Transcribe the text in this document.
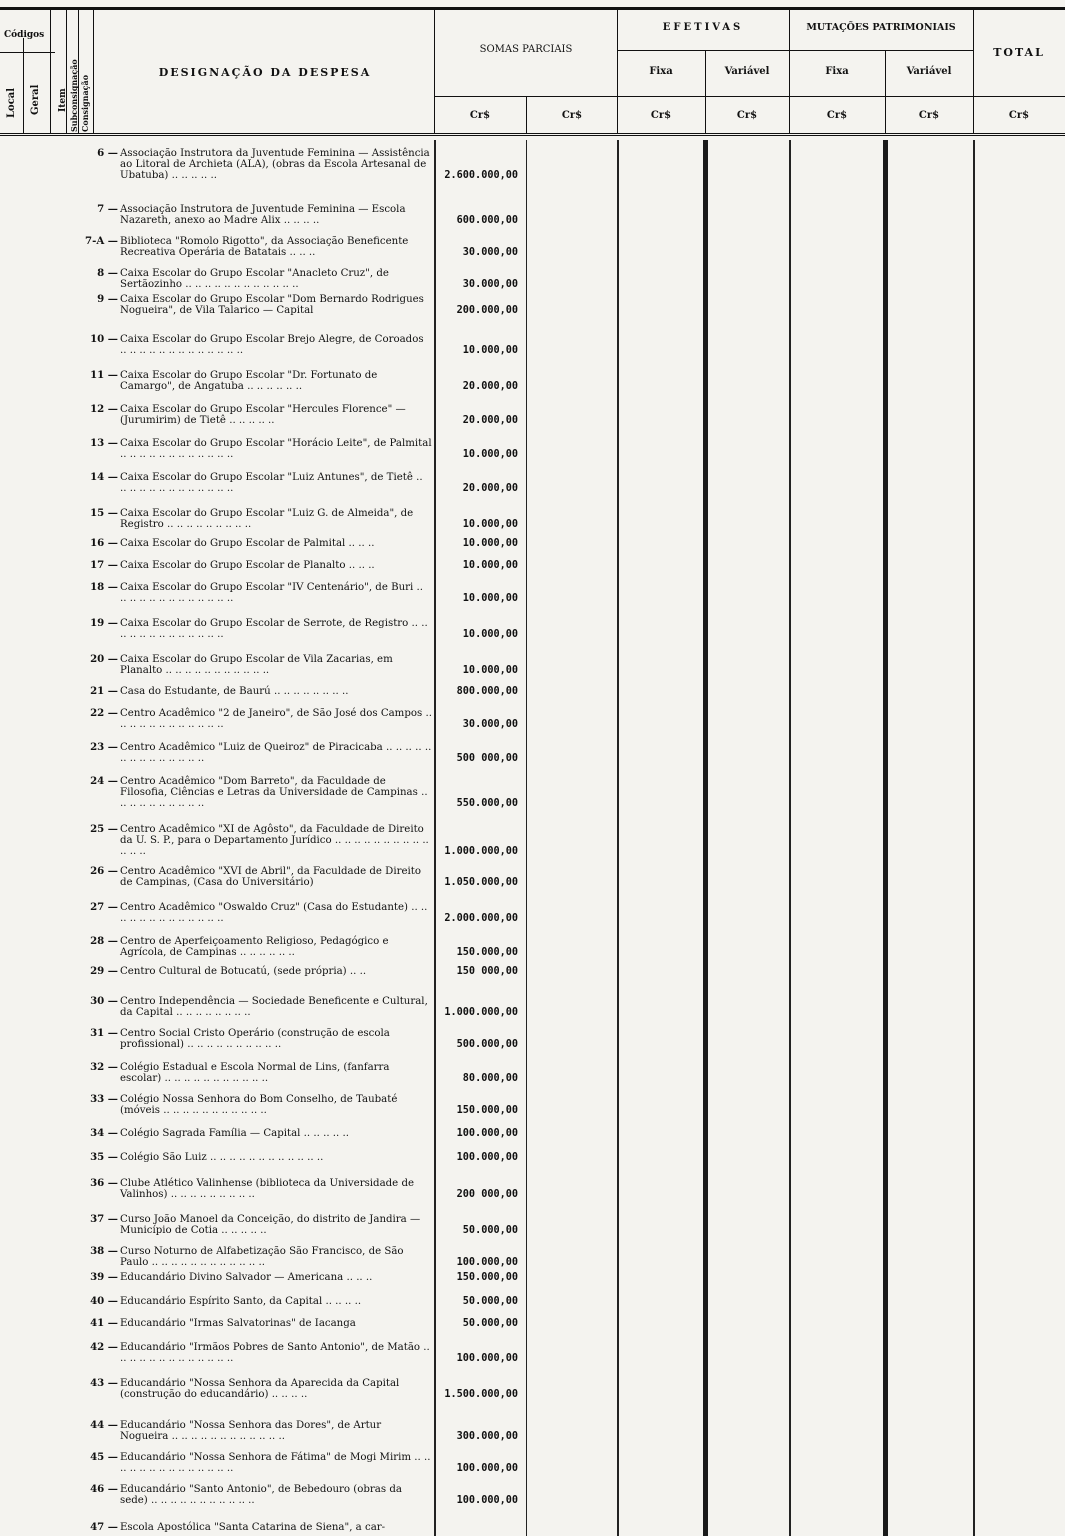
Códigos
Local Geral Item Subconsignação Consignação
DESIGNAÇÃO DA DESPESA
SOMAS PARCIAIS
EFETIVAS
Fixa	Variável
MUTAÇÕES PATRIMONIAIS
Fixa	Variável
TOTAL
Cr$	Cr$	Cr$	Cr$	Cr$	Cr$	Cr$
6 — Associação Instrutora da Juventude Feminina — Assistência ao Litoral de Archieta (ALA), (obras da Escola Artesanal de Ubatuba) .. .. .. .. ..	2.600.000,00
7 — Associação Instrutora de Juventude Feminina — Escola Nazareth, anexo ao Madre Alix .. .. .. ..	600.000,00
7-A — Biblioteca "Romolo Rigotto", da Associação Beneficente Recreativa Operária de Batatais .. .. ..	30.000,00
8 — Caixa Escolar do Grupo Escolar "Anacleto Cruz", de Sertãozinho .. .. .. .. .. .. .. .. .. .. .. ..	30.000,00
9 — Caixa Escolar do Grupo Escolar "Dom Bernardo Rodrigues Nogueira", de Vila Talarico — Capital	200.000,00
10 — Caixa Escolar do Grupo Escolar Brejo Alegre, de Coroados .. .. .. .. .. .. .. .. .. .. .. .. ..	10.000,00
11 — Caixa Escolar do Grupo Escolar "Dr. Fortunato de Camargo", de Angatuba .. .. .. .. .. ..	20.000,00
12 — Caixa Escolar do Grupo Escolar "Hercules Florence" — (Jurumirim) de Tietê .. .. .. .. ..	20.000,00
13 — Caixa Escolar do Grupo Escolar "Horácio Leite", de Palmital .. .. .. .. .. .. .. .. .. .. .. ..	10.000,00
14 — Caixa Escolar do Grupo Escolar "Luiz Antunes", de Tietê .. .. .. .. .. .. .. .. .. .. .. .. ..	20.000,00
15 — Caixa Escolar do Grupo Escolar "Luiz G. de Almeida", de Registro .. .. .. .. .. .. .. .. ..	10.000,00
16 — Caixa Escolar do Grupo Escolar de Palmital .. .. ..	10.000,00
17 — Caixa Escolar do Grupo Escolar de Planalto .. .. ..	10.000,00
18 — Caixa Escolar do Grupo Escolar "IV Centenário", de Buri .. .. .. .. .. .. .. .. .. .. .. .. ..	10.000,00
19 — Caixa Escolar do Grupo Escolar de Serrote, de Registro .. .. .. .. .. .. .. .. .. .. .. .. ..	10.000,00
20 — Caixa Escolar do Grupo Escolar de Vila Zacarias, em Planalto .. .. .. .. .. .. .. .. .. .. ..	10.000,00
21 — Casa do Estudante, de Baurú .. .. .. .. .. .. .. ..	800.000,00
22 — Centro Acadêmico "2 de Janeiro", de São José dos Campos .. .. .. .. .. .. .. .. .. .. .. ..	30.000,00
23 — Centro Acadêmico "Luiz de Queiroz" de Piracicaba .. .. .. .. .. .. .. .. .. .. .. .. .. ..	500 000,00
24 — Centro Acadêmico "Dom Barreto", da Faculdade de Filosofia, Ciências e Letras da Universidade de Campinas .. .. .. .. .. .. .. .. .. ..	550.000,00
25 — Centro Acadêmico "XI de Agôsto", da Faculdade de Direito da U. S. P., para o Departamento Jurídico .. .. .. .. .. .. .. .. .. .. .. .. ..	1.000.000,00
26 — Centro Acadêmico "XVI de Abril", da Faculdade de Direito de Campinas, (Casa do Universitário)	1.050.000,00
27 — Centro Acadêmico "Oswaldo Cruz" (Casa do Estudante) .. .. .. .. .. .. .. .. .. .. .. .. ..	2.000.000,00
28 — Centro de Aperfeiçoamento Religioso, Pedagógico e Agrícola, de Campinas .. .. .. .. .. ..	150.000,00
29 — Centro Cultural de Botucatú, (sede própria) .. ..	150 000,00
30 — Centro Independência — Sociedade Beneficente e Cultural, da Capital .. .. .. .. .. .. .. ..	1.000.000,00
31 — Centro Social Cristo Operário (construção de escola profissional) .. .. .. .. .. .. .. .. .. ..	500.000,00
32 — Colégio Estadual e Escola Normal de Lins, (fanfarra escolar) .. .. .. .. .. .. .. .. .. .. ..	80.000,00
33 — Colégio Nossa Senhora do Bom Conselho, de Taubaté (móveis .. .. .. .. .. .. .. .. .. .. ..	150.000,00
34 — Colégio Sagrada Família — Capital .. .. .. .. ..	100.000,00
35 — Colégio São Luiz .. .. .. .. .. .. .. .. .. .. .. ..	100.000,00
36 — Clube Atlético Valinhense (biblioteca da Universidade de Valinhos) .. .. .. .. .. .. .. .. ..	200 000,00
37 — Curso João Manoel da Conceição, do distrito de Jandira — Município de Cotia .. .. .. .. ..	50.000,00
38 — Curso Noturno de Alfabetização São Francisco, de São Paulo .. .. .. .. .. .. .. .. .. .. .. ..	100.000,00
39 — Educandário Divino Salvador — Americana .. .. ..	150.000,00
40 — Educandário Espírito Santo, da Capital .. .. .. ..	50.000,00
41 — Educandário "Irmas Salvatorinas" de Iacanga	50.000,00
42 — Educandário "Irmãos Pobres de Santo Antonio", de Matão .. .. .. .. .. .. .. .. .. .. .. .. ..	100.000,00
43 — Educandário "Nossa Senhora da Aparecida da Capital (construção do educandário) .. .. .. ..	1.500.000,00
44 — Educandário "Nossa Senhora das Dores", de Artur Nogueira .. .. .. .. .. .. .. .. .. .. .. ..	300.000,00
45 — Educandário "Nossa Senhora de Fátima" de Mogi Mirim .. .. .. .. .. .. .. .. .. .. .. .. .. ..	100.000,00
46 — Educandário "Santo Antonio", de Bebedouro (obras da sede) .. .. .. .. .. .. .. .. .. .. ..	100.000,00
47 — Escola Apostólica "Santa Catarina de Siena", a car-
